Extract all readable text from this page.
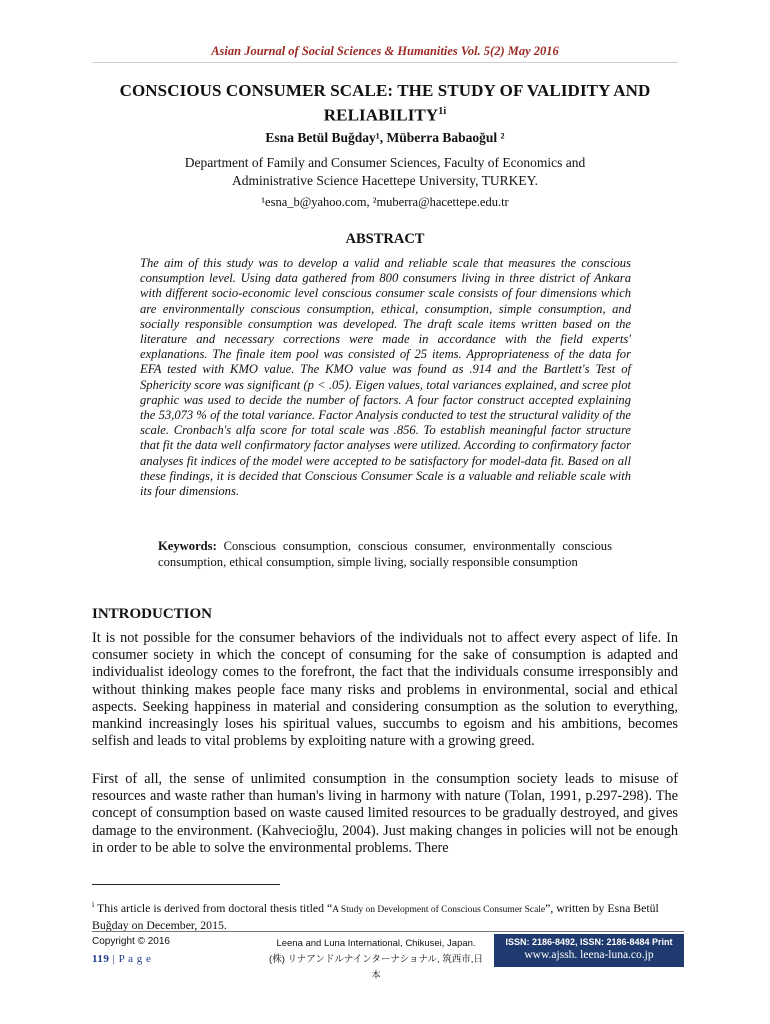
Asian Journal of Social Sciences & Humanities Vol. 5(2) May 2016
CONSCIOUS CONSUMER SCALE: THE STUDY OF VALIDITY AND $RELIABILITY^{1i}$
Esna Betül Buğday¹, Müberra Babaoğul ²
Department of Family and Consumer Sciences, Faculty of Economics and Administrative Science Hacettepe University, TURKEY.
¹esna_b@yahoo.com, ²muberra@hacettepe.edu.tr
ABSTRACT
The aim of this study was to develop a valid and reliable scale that measures the conscious consumption level. Using data gathered from 800 consumers living in three district of Ankara with different socio-economic level conscious consumer scale consists of four dimensions which are environmentally conscious consumption, ethical, consumption, simple consumption, and socially responsible consumption was developed. The draft scale items written based on the literature and necessary corrections were made in accordance with the field experts' explanations. The finale item pool was consisted of 25 items. Appropriateness of the data for EFA tested with KMO value. The KMO value was found as .914 and the Bartlett's Test of Sphericity score was significant (p < .05). Eigen values, total variances explained, and scree plot graphic was used to decide the number of factors. A four factor construct accepted explaining the 53,073 % of the total variance. Factor Analysis conducted to test the structural validity of the scale. Cronbach's alfa score for total scale was .856. To establish meaningful factor structure that fit the data well confirmatory factor analyses were utilized. According to confirmatory factor analyses fit indices of the model were accepted to be satisfactory for model-data fit. Based on all these findings, it is decided that Conscious Consumer Scale is a valuable and reliable scale with its four dimensions.
Keywords: Conscious consumption, conscious consumer, environmentally conscious consumption, ethical consumption, simple living, socially responsible consumption
INTRODUCTION
It is not possible for the consumer behaviors of the individuals not to affect every aspect of life. In consumer society in which the concept of consuming for the sake of consumption is adapted and individualist ideology comes to the forefront, the fact that the individuals consume irresponsibly and without thinking makes people face many risks and problems in environmental, social and ethical aspects. Seeking happiness in material and considering consumption as the solution to everything, mankind increasingly loses his spiritual values, succumbs to egoism and his ambitions, becomes selfish and leads to vital problems by exploiting nature with a growing greed.
First of all, the sense of unlimited consumption in the consumption society leads to misuse of resources and waste rather than human's living in harmony with nature (Tolan, 1991, p.297-298). The concept of consumption based on waste caused limited resources to be gradually destroyed, and gives damage to the environment. (Kahvecioğlu, 2004). Just making changes in policies will not be enough in order to be able to solve the environmental problems. There
$^i$ This article is derived from doctoral thesis titled “A Study on Development of Conscious Consumer Scale”, written by Esna Betül Buğday on December, 2015.
Copyright © 2016
119 | P a g e
Leena and Luna International, Chikusei, Japan.
(株) リナアンドルナインターナショナル, 筑西市,日本
ISSN: 2186-8492, ISSN: 2186-8484 Print
www.ajssh. leena-luna.co.jp
